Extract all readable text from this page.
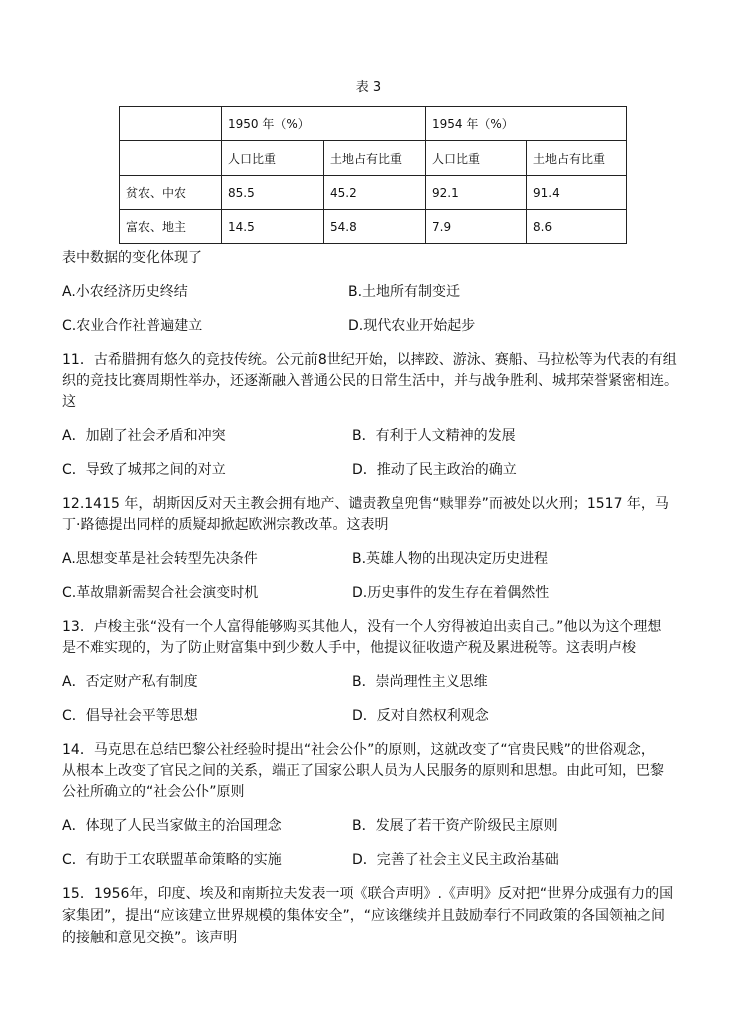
表 3
	1950 年（%）		1954 年（%）	
	人口比重	土地占有比重	人口比重	土地占有比重
贫农、中农	85.5	45.2	92.1	91.4
富农、地主	14.5	54.8	7.9	8.6
表中数据的变化体现了
A.小农经济历史终结	B.土地所有制变迁
C.农业合作社普遍建立	D.现代农业开始起步
11．古希腊拥有悠久的竞技传统。公元前8世纪开始，以摔跤、游泳、赛船、马拉松等为代表的有组
织的竞技比赛周期性举办，还逐渐融入普通公民的日常生活中，并与战争胜利、城邦荣誉紧密相连。
这
A．加剧了社会矛盾和冲突	B．有利于人文精神的发展
C．导致了城邦之间的对立	D．推动了民主政治的确立
12.1415 年，胡斯因反对天主教会拥有地产、谴责教皇兜售“赎罪券”而被处以火刑；1517 年，马
丁·路德提出同样的质疑却掀起欧洲宗教改革。这表明
A.思想变革是社会转型先决条件	B.英雄人物的出现决定历史进程
C.革故鼎新需契合社会演变时机	D.历史事件的发生存在着偶然性
13．卢梭主张“没有一个人富得能够购买其他人，没有一个人穷得被迫出卖自己。”他以为这个理想
是不难实现的，为了防止财富集中到少数人手中，他提议征收遗产税及累进税等。这表明卢梭
A．否定财产私有制度	B．崇尚理性主义思维
C．倡导社会平等思想	D．反对自然权利观念
14．马克思在总结巴黎公社经验时提出“社会公仆”的原则，这就改变了“官贵民贱”的世俗观念，
从根本上改变了官民之间的关系，端正了国家公职人员为人民服务的原则和思想。由此可知，巴黎
公社所确立的“社会公仆”原则
A．体现了人民当家做主的治国理念	B．发展了若干资产阶级民主原则
C．有助于工农联盟革命策略的实施	D．完善了社会主义民主政治基础
15．1956年，印度、埃及和南斯拉夫发表一项《联合声明》.《声明》反对把“世界分成强有力的国
家集团”，提出“应该建立世界规模的集体安全”，“应该继续并且鼓励奉行不同政策的各国领袖之间
的接触和意见交换”。该声明
